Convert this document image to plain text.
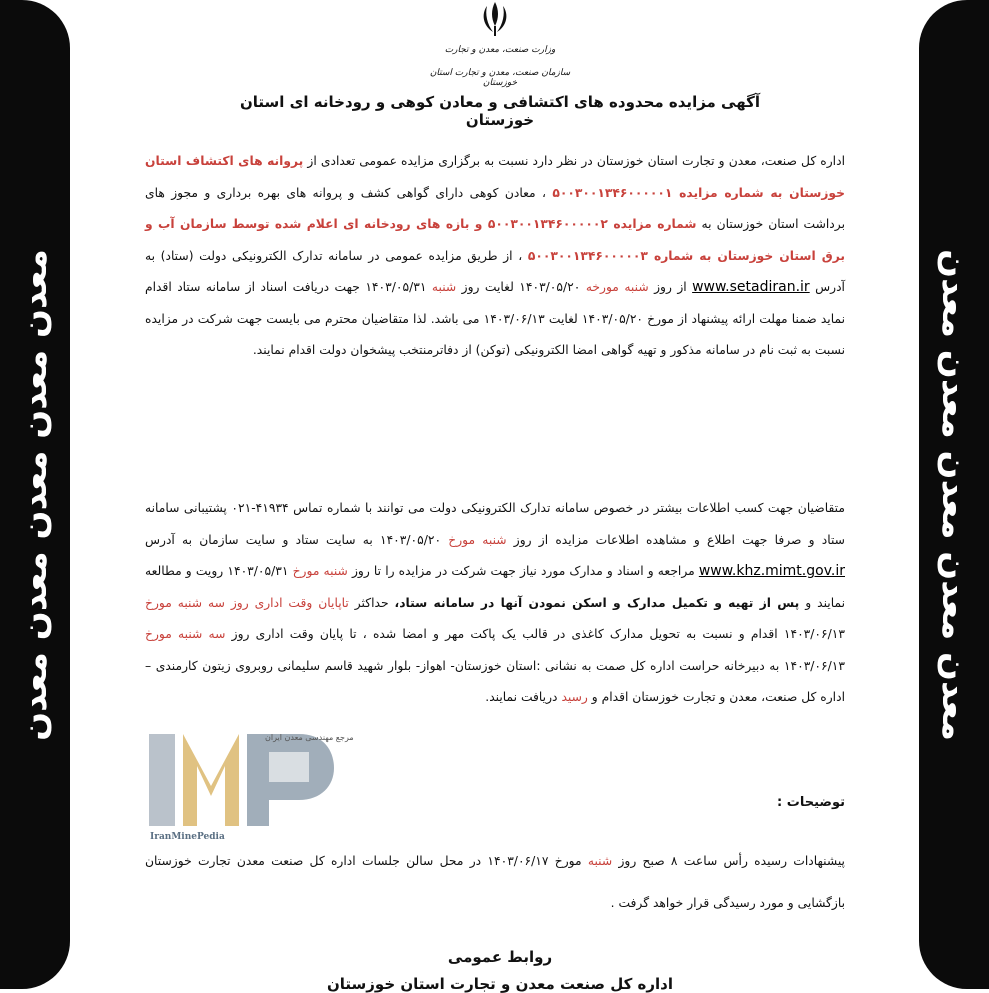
معدن معدن معدن معدن معدن	معدن معدن معدن معدن معدن
وزارت صنعت، معدن و تجارت
سازمان صنعت، معدن و تجارت استان خوزستان
آگهی مزایده محدوده های اکتشافی و معادن کوهی و رودخانه ای استان خوزستان
اداره کل صنعت، معدن و تجارت استان خوزستان در نظر دارد نسبت به برگزاری مزایده عمومی تعدادی از پروانه های اکتشاف استان خوزستان به شماره مزایده ۵۰۰۳۰۰۱۳۴۶۰۰۰۰۰۱ ، معادن کوهی دارای گواهی کشف و پروانه های بهره برداری و مجوز های برداشت استان خوزستان به شماره مزایده ۵۰۰۳۰۰۱۳۴۶۰۰۰۰۰۲ و بازه های رودخانه ای اعلام شده توسط سازمان آب و برق استان خوزستان به شماره ۵۰۰۳۰۰۱۳۴۶۰۰۰۰۰۳ ، از طریق مزایده عمومی در سامانه تدارک الکترونیکی دولت (ستاد) به آدرس www.setadiran.ir از روز شنبه مورخه ۱۴۰۳/۰۵/۲۰ لغایت روز شنبه ۱۴۰۳/۰۵/۳۱ جهت دریافت اسناد از سامانه ستاد اقدام نماید ضمنا مهلت ارائه پیشنهاد از مورخ ۱۴۰۳/۰۵/۲۰ لغایت ۱۴۰۳/۰۶/۱۳ می باشد. لذا متقاضیان محترم می بایست جهت شرکت در مزایده نسبت به ثبت نام در سامانه مذکور و تهیه گواهی امضا الکترونیکی (توکن) از دفاترمنتخب پیشخوان دولت اقدام نمایند.
متقاضیان جهت کسب اطلاعات بیشتر در خصوص سامانه تدارک الکترونیکی دولت می توانند با شماره تماس ۴۱۹۳۴-۰۲۱ پشتیبانی سامانه ستاد و صرفا جهت اطلاع و مشاهده اطلاعات مزایده از روز شنبه مورخ ۱۴۰۳/۰۵/۲۰ به سایت ستاد و سایت سازمان به آدرس www.khz.mimt.gov.ir مراجعه و اسناد و مدارک مورد نیاز جهت شرکت در مزایده را تا روز شنبه مورخ ۱۴۰۳/۰۵/۳۱ رویت و مطالعه نمایند و پس از تهیه و تکمیل مدارک و اسکن نمودن آنها در سامانه ستاد، حداکثر تاپایان وقت اداری روز سه شنبه مورخ ۱۴۰۳/۰۶/۱۳ اقدام و نسبت به تحویل مدارک کاغذی در قالب یک پاکت مهر و امضا شده ، تا پایان وقت اداری روز سه شنبه مورخ ۱۴۰۳/۰۶/۱۳ به دبیرخانه حراست اداره کل صمت به نشانی :استان خوزستان- اهواز- بلوار شهید قاسم سلیمانی روبروی زیتون کارمندی – اداره کل صنعت، معدن و تجارت خوزستان اقدام و رسید دریافت نمایند.
توضیحات :
پیشنهادات رسیده رأس ساعت ۸ صبح روز شنبه مورخ ۱۴۰۳/۰۶/۱۷ در محل سالن جلسات اداره کل صنعت معدن تجارت خوزستان بازگشایی و مورد رسیدگی قرار خواهد گرفت .
روابط عمومی
اداره کل صنعت معدن و تجارت استان خوزستان
مرجع مهندسی معدن ایران
IranMinePedia
